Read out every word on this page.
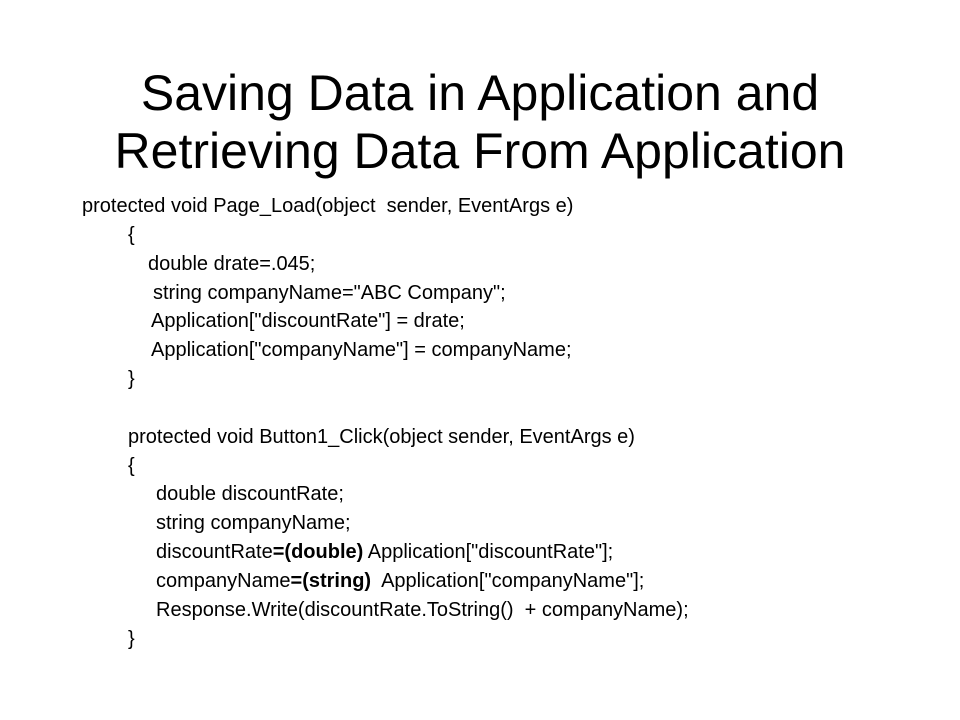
Saving Data in Application and
Retrieving Data From Application
protected void Page_Load(object  sender, EventArgs e)
{
double drate=.045;
string companyName="ABC Company";
Application["discountRate"] = drate;
Application["companyName"] = companyName;
}
protected void Button1_Click(object sender, EventArgs e)
{
double discountRate;
string companyName;
discountRate=(double) Application["discountRate"];
companyName=(string)  Application["companyName"];
Response.Write(discountRate.ToString()  + companyName);
}
